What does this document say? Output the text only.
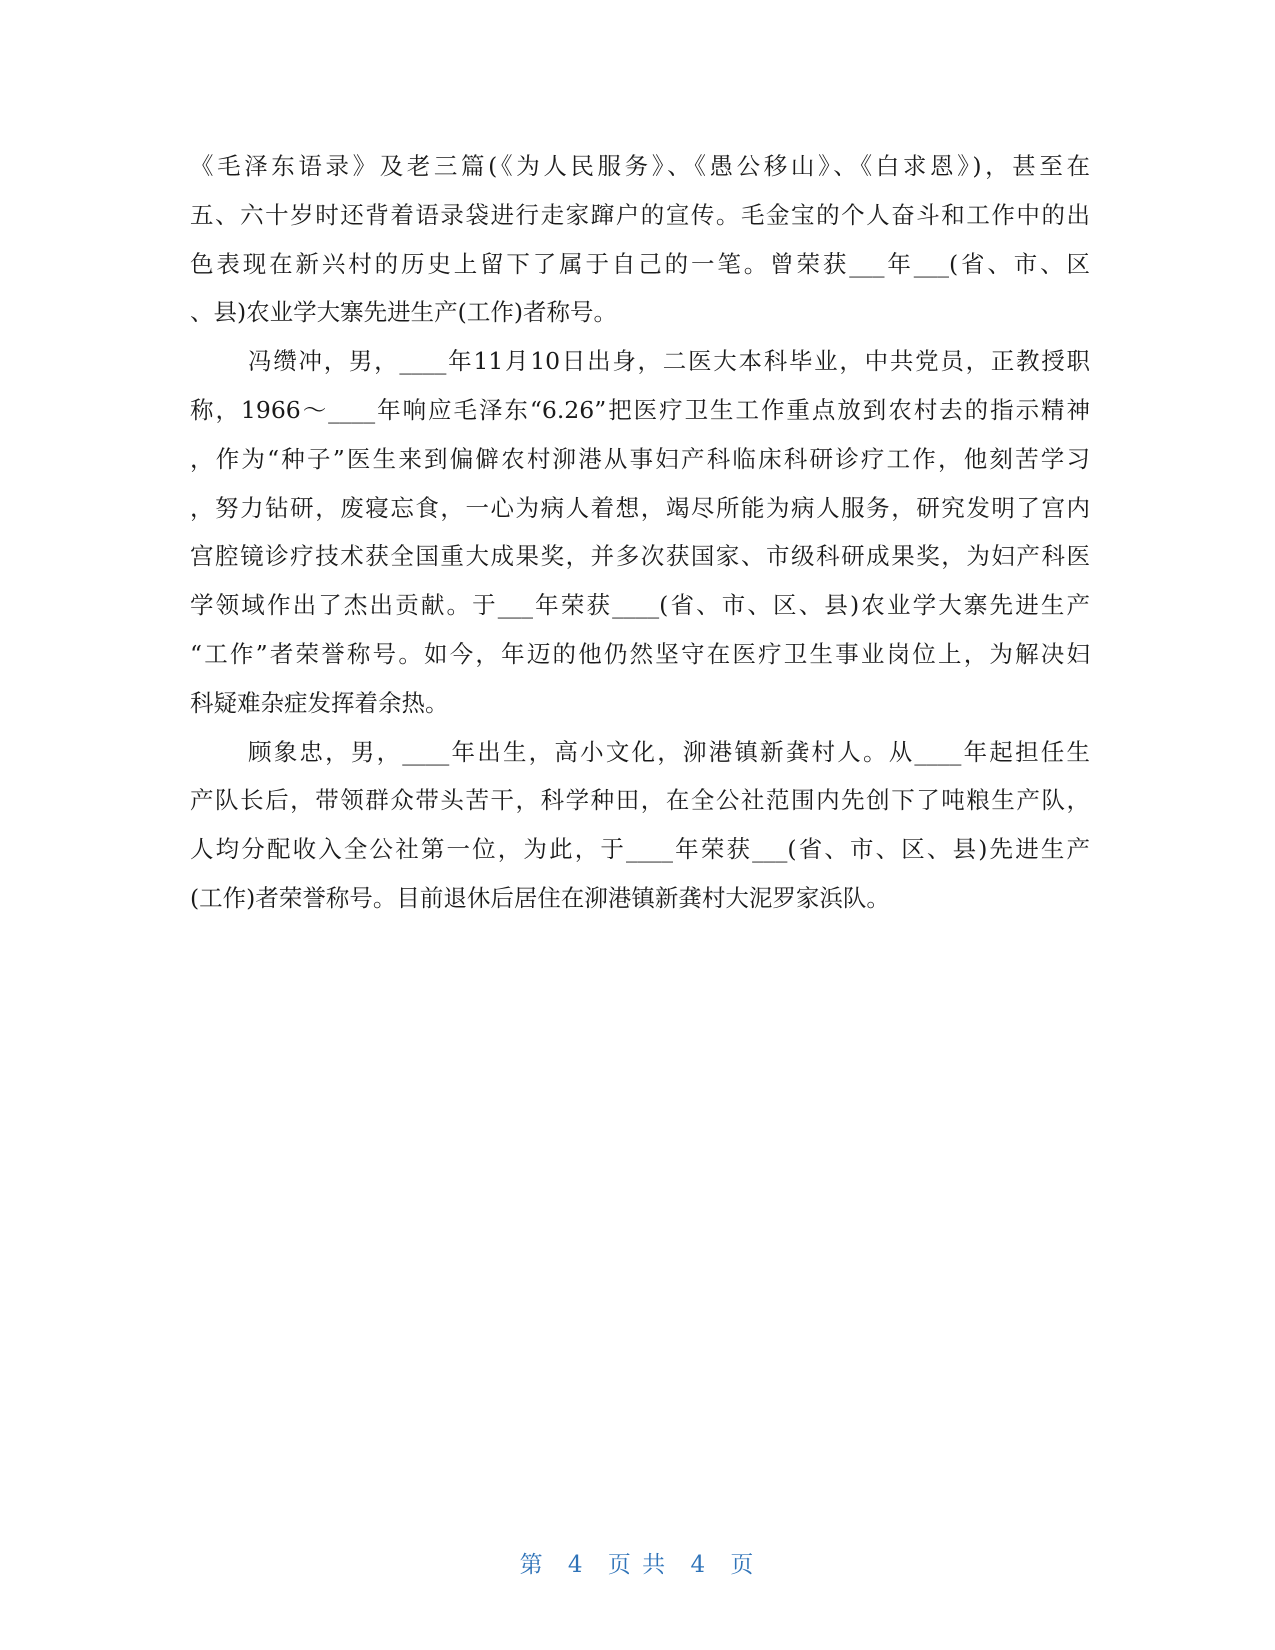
《毛泽东语录》及老三篇(《为人民服务》、《愚公移山》、《白求恩》)，甚至在
五、六十岁时还背着语录袋进行走家蹿户的宣传。毛金宝的个人奋斗和工作中的出
色表现在新兴村的历史上留下了属于自己的一笔。曾荣获___年___(省、市、区
、县)农业学大寨先进生产(工作)者称号。
冯缵冲，男，____年11月10日出身，二医大本科毕业，中共党员，正教授职
称，1966～____年响应毛泽东“6.26”把医疗卫生工作重点放到农村去的指示精神
，作为“种子”医生来到偏僻农村泖港从事妇产科临床科研诊疗工作，他刻苦学习
，努力钻研，废寝忘食，一心为病人着想，竭尽所能为病人服务，研究发明了宫内
宫腔镜诊疗技术获全国重大成果奖，并多次获国家、市级科研成果奖，为妇产科医
学领域作出了杰出贡献。于___年荣获____(省、市、区、县)农业学大寨先进生产
“工作”者荣誉称号。如今，年迈的他仍然坚守在医疗卫生事业岗位上，为解决妇
科疑难杂症发挥着余热。
顾象忠，男，____年出生，高小文化，泖港镇新龚村人。从____年起担任生
产队长后，带领群众带头苦干，科学种田，在全公社范围内先创下了吨粮生产队，
人均分配收入全公社第一位，为此，于____年荣获___(省、市、区、县)先进生产
(工作)者荣誉称号。目前退休后居住在泖港镇新龚村大泥罗家浜队。
第 4 页 共 4 页
